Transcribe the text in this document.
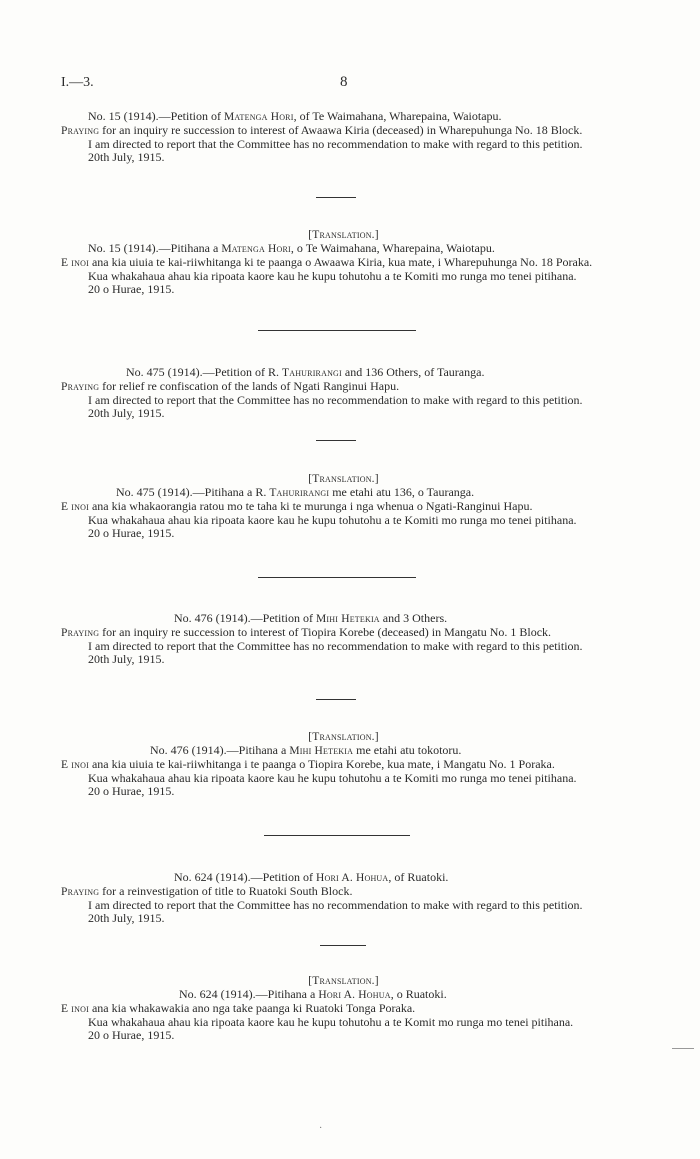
I.—3.	8
No. 15 (1914).—Petition of Matenga Hori, of Te Waimahana, Wharepaina, Waiotapu.
Praying for an inquiry re succession to interest of Awaawa Kiria (deceased) in Wharepuhunga No. 18 Block.
I am directed to report that the Committee has no recommendation to make with regard to this petition.
20th July, 1915.
[Translation.]
No. 15 (1914).—Pitihana a Matenga Hori, o Te Waimahana, Wharepaina, Waiotapu.
E inoi ana kia uiuia te kai-riiwhitanga ki te paanga o Awaawa Kiria, kua mate, i Wharepuhunga No. 18 Poraka.
Kua whakahaua ahau kia ripoata kaore kau he kupu tohutohu a te Komiti mo runga mo tenei pitihana.
20 o Hurae, 1915.
No. 475 (1914).—Petition of R. Tahurirangi and 136 Others, of Tauranga.
Praying for relief re confiscation of the lands of Ngati Ranginui Hapu.
I am directed to report that the Committee has no recommendation to make with regard to this petition.
20th July, 1915.
[Translation.]
No. 475 (1914).—Pitihana a R. Tahurirangi me etahi atu 136, o Tauranga.
E inoi ana kia whakaorangia ratou mo te taha ki te murunga i nga whenua o Ngati-Ranginui Hapu.
Kua whakahaua ahau kia ripoata kaore kau he kupu tohutohu a te Komiti mo runga mo tenei pitihana.
20 o Hurae, 1915.
No. 476 (1914).—Petition of Mihi Hetekia and 3 Others.
Praying for an inquiry re succession to interest of Tiopira Korebe (deceased) in Mangatu No. 1 Block.
I am directed to report that the Committee has no recommendation to make with regard to this petition.
20th July, 1915.
[Translation.]
No. 476 (1914).—Pitihana a Mihi Hetekia me etahi atu tokotoru.
E inoi ana kia uiuia te kai-riiwhitanga i te paanga o Tiopira Korebe, kua mate, i Mangatu No. 1 Poraka.
Kua whakahaua ahau kia ripoata kaore kau he kupu tohutohu a te Komiti mo runga mo tenei pitihana.
20 o Hurae, 1915.
No. 624 (1914).—Petition of Hori A. Hohua, of Ruatoki.
Praying for a reinvestigation of title to Ruatoki South Block.
I am directed to report that the Committee has no recommendation to make with regard to this petition.
20th July, 1915.
[Translation.]
No. 624 (1914).—Pitihana a Hori A. Hohua, o Ruatoki.
E inoi ana kia whakawakia ano nga take paanga ki Ruatoki Tonga Poraka.
Kua whakahaua ahau kia ripoata kaore kau he kupu tohutohu a te Komit mo runga mo tenei pitihana.
20 o Hurae, 1915.
·
